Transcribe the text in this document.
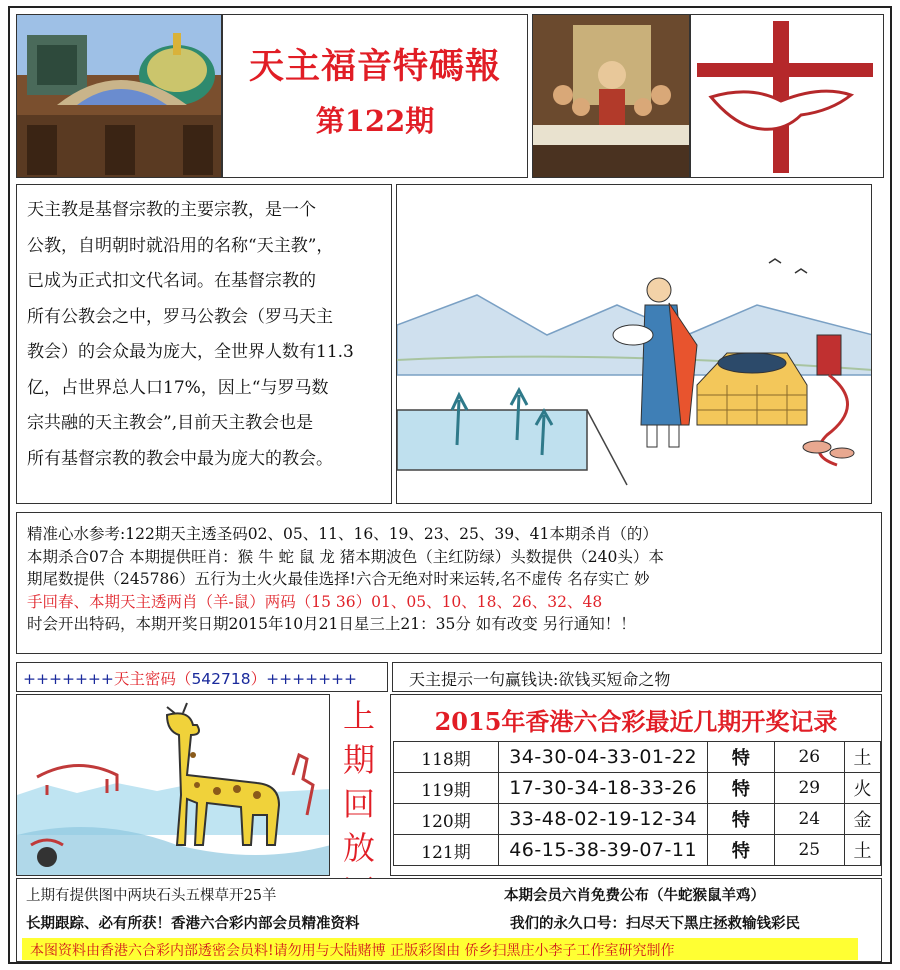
天主福音特碼報
第122期

天主教是基督宗教的主要宗教，是一个

公教，自明朝时就沿用的名称“天主教”，

已成为正式扣文代名词。在基督宗教的

所有公教会之中，罗马公教会（罗马天主

教会）的会众最为庞大，全世界人数有11.3

亿，占世界总人口17%，因上“与罗马数

宗共融的天主教会”,目前天主教会也是

所有基督宗教的教会中最为庞大的教会。

精准心水参考:122期天主透圣码02、05、11、16、19、23、25、39、41本期杀肖（的）
本期杀合07合 本期提供旺肖：猴 牛 蛇 鼠 龙 猪本期波色（主红防绿）头数提供（240头）本
期尾数提供（245786）五行为土火火最佳选择!六合无绝对时来运转,名不虚传 名存实亡 妙
手回春、本期天主透两肖（羊-鼠）两码（15 36）01、05、10、18、26、32、48
时会开出特码，本期开奖日期2015年10月21日星三上21：35分 如有改变 另行通知！！
+++++++天主密码（542718）+++++++	天主提示一句赢钱诀:欲钱买短命之物
上
期
回
放
2015年香港六合彩最近几期开奖记录
118期	34-30-04-33-01-22	特	26	土
119期	17-30-34-18-33-26	特	29	火
120期	33-48-02-19-12-34	特	24	金
121期	46-15-38-39-07-11	特	25	土
上期有提供图中两块石头五棵草开25羊	本期会员六肖免费公布（牛蛇猴鼠羊鸡）
长期跟踪、必有所获！香港六合彩内部会员精准资料	我们的永久口号：扫尽天下黑庄拯救输钱彩民
本图资料由香港六合彩内部透密会员料!请勿用与大陆赌博 正版彩图由 侨乡扫黑庄小李子工作室研究制作
